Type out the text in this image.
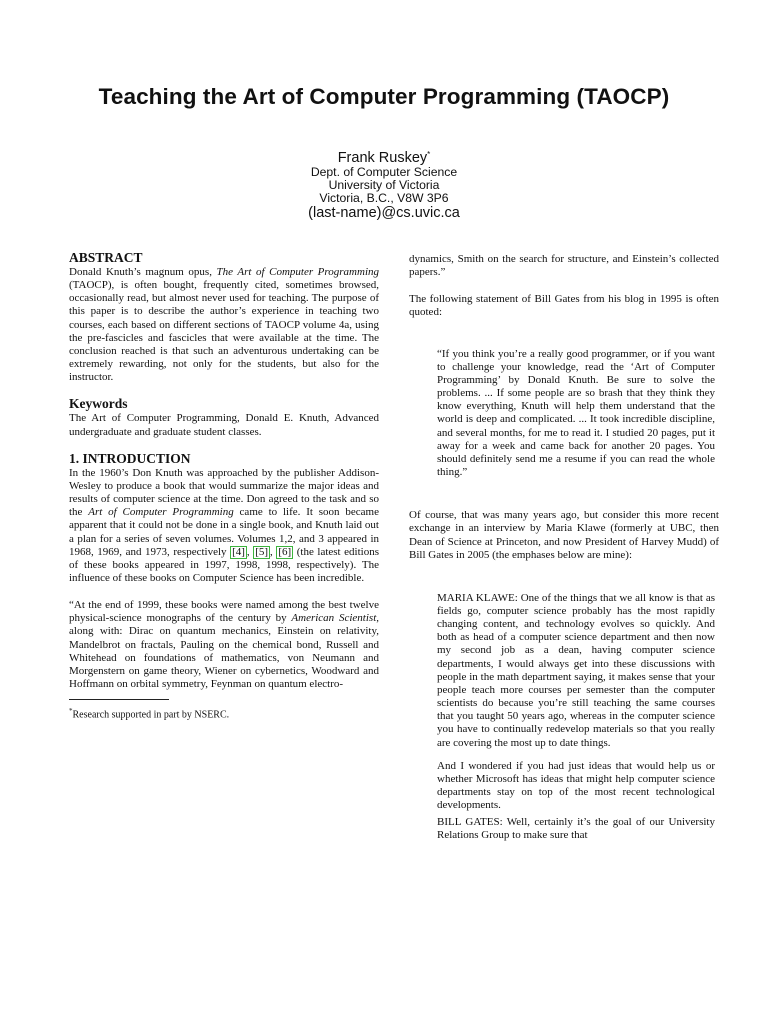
Teaching the Art of Computer Programming (TAOCP)
Frank Ruskey*
Dept. of Computer Science
University of Victoria
Victoria, B.C., V8W 3P6
(last-name)@cs.uvic.ca
ABSTRACT

Donald Knuth’s magnum opus, The Art of Computer Programming (TAOCP), is often bought, frequently cited, sometimes browsed, occasionally read, but almost never used for teaching. The purpose of this paper is to describe the author’s experience in teaching two courses, each based on different sections of TAOCP volume 4a, using the pre-fascicles and fascicles that were available at the time. The conclusion reached is that such an adventurous undertaking can be extremely rewarding, not only for the students, but also for the instructor.

Keywords

The Art of Computer Programming, Donald E. Knuth, Advanced undergraduate and graduate student classes.

1. INTRODUCTION

In the 1960’s Don Knuth was approached by the publisher Addison-Wesley to produce a book that would summarize the major ideas and results of computer science at the time. Don agreed to the task and so the Art of Computer Programming came to life. It soon became apparent that it could not be done in a single book, and Knuth laid out a plan for a series of seven volumes. Volumes 1,2, and 3 appeared in 1968, 1969, and 1973, respectively [4] , [5] , [6] (the latest editions of these books appeared in 1997, 1998, 1998, respectively). The influence of these books on Computer Science has been incredible.

“At the end of 1999, these books were named among the best twelve physical-science monographs of the century by American Scientist, along with: Dirac on quantum mechanics, Einstein on relativity, Mandelbrot on fractals, Pauling on the chemical bond, Russell and Whitehead on foundations of mathematics, von Neumann and Morgenstern on game theory, Wiener on cybernetics, Woodward and Hoffmann on orbital symmetry, Feynman on quantum electro-

*Research supported in part by NSERC.

dynamics, Smith on the search for structure, and Einstein’s collected papers.”

The following statement of Bill Gates from his blog in 1995 is often quoted:

“If you think you’re a really good programmer, or if you want to challenge your knowledge, read the ‘Art of Computer Programming’ by Donald Knuth. Be sure to solve the problems. ... If some people are so brash that they think they know everything, Knuth will help them understand that the world is deep and complicated. ... It took incredible discipline, and several months, for me to read it. I studied 20 pages, put it away for a week and came back for another 20 pages. You should definitely send me a resume if you can read the whole thing.”

Of course, that was many years ago, but consider this more recent exchange in an interview by Maria Klawe (formerly at UBC, then Dean of Science at Princeton, and now President of Harvey Mudd) of Bill Gates in 2005 (the emphases below are mine):

MARIA KLAWE: One of the things that we all know is that as fields go, computer science probably has the most rapidly changing content, and technology evolves so quickly. And both as head of a computer science department and then now my second job as a dean, having computer science departments, I would always get into these discussions with people in the math department saying, it makes sense that your people teach more courses per semester than the computer scientists do because you’re still teaching the same courses that you taught 50 years ago, whereas in the computer science you have to continually redevelop materials so that you really are covering the most up to date things.

And I wondered if you had just ideas that would help us or whether Microsoft has ideas that might help computer science departments stay on top of the most recent technological developments.

BILL GATES: Well, certainly it’s the goal of our University Relations Group to make sure that
